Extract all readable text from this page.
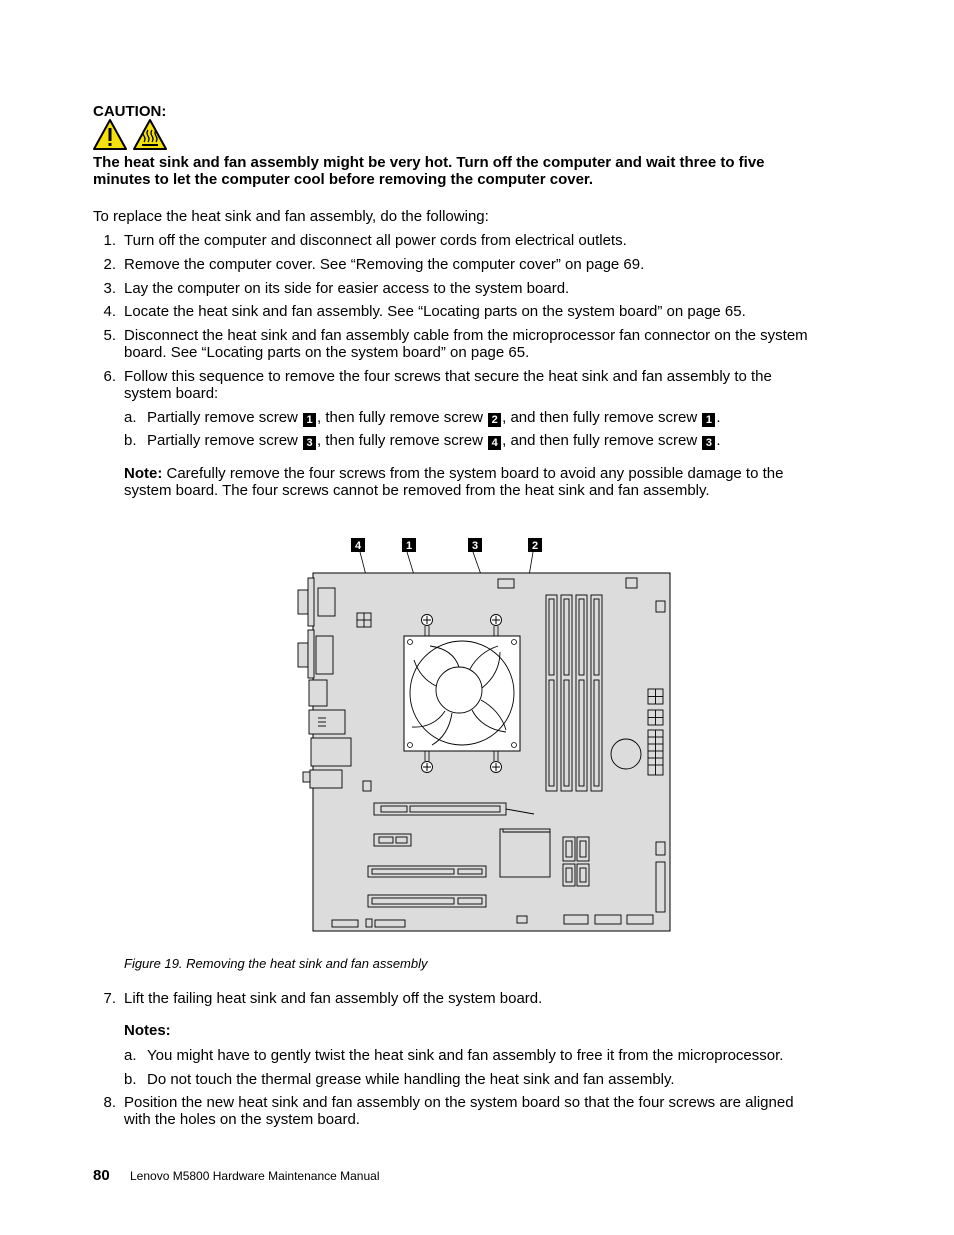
CAUTION:
The heat sink and fan assembly might be very hot. Turn off the computer and wait three to five
minutes to let the computer cool before removing the computer cover.
To replace the heat sink and fan assembly, do the following:
1. Turn off the computer and disconnect all power cords from electrical outlets.
2. Remove the computer cover. See “Removing the computer cover” on page 69.
3. Lay the computer on its side for easier access to the system board.
4. Locate the heat sink and fan assembly. See “Locating parts on the system board” on page 65.
5. Disconnect the heat sink and fan assembly cable from the microprocessor fan connector on the system
board. See “Locating parts on the system board” on page 65.
6. Follow this sequence to remove the four screws that secure the heat sink and fan assembly to the
system board:
a. Partially remove screw 1 , then fully remove screw 2 , and then fully remove screw 1 .
b. Partially remove screw 3 , then fully remove screw 4 , and then fully remove screw 3 .
Note: Carefully remove the four screws from the system board to avoid any possible damage to the
system board. The four screws cannot be removed from the heat sink and fan assembly.
4	1	3	2
Figure 19. Removing the heat sink and fan assembly
7. Lift the failing heat sink and fan assembly off the system board.
Notes:
a. You might have to gently twist the heat sink and fan assembly to free it from the microprocessor.
b. Do not touch the thermal grease while handling the heat sink and fan assembly.
8. Position the new heat sink and fan assembly on the system board so that the four screws are aligned
with the holes on the system board.
80 Lenovo M5800 Hardware Maintenance Manual
